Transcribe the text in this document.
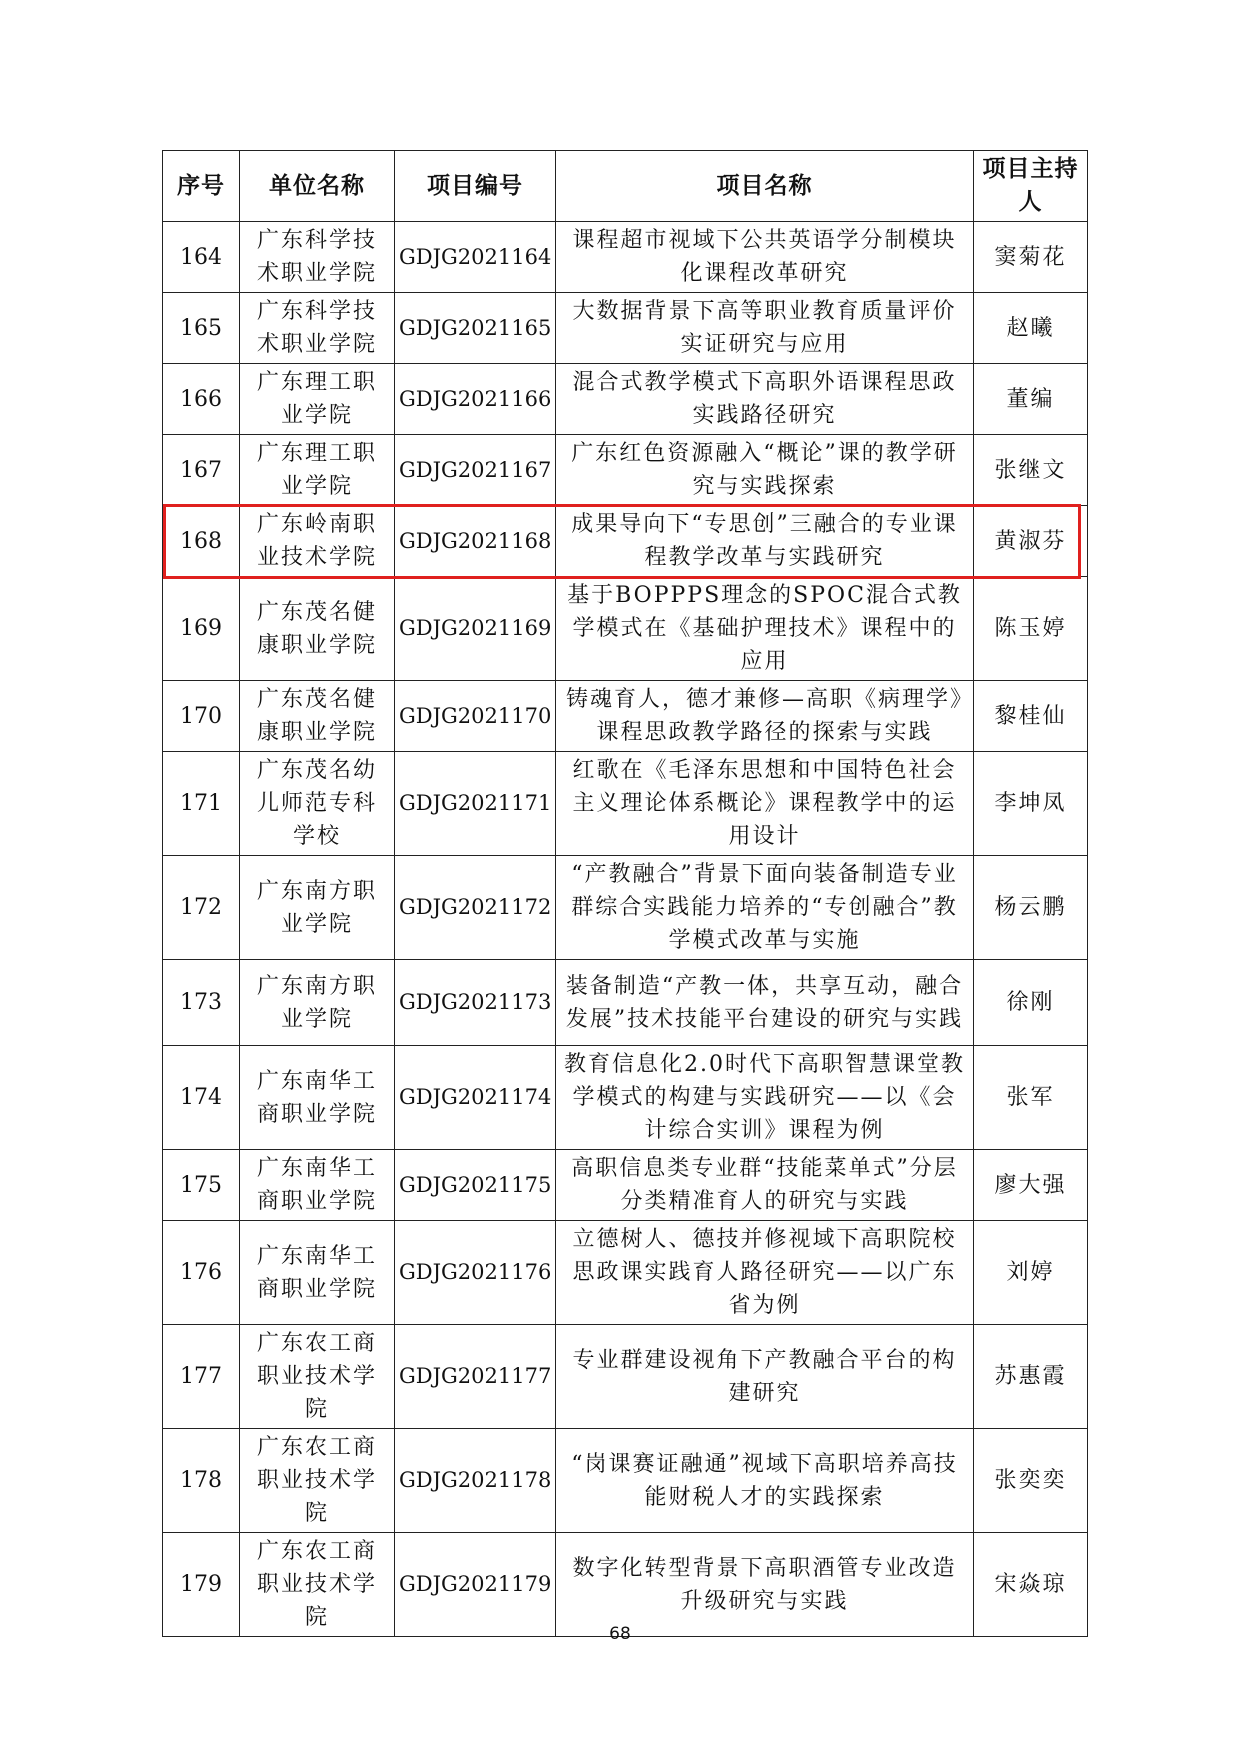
序号	单位名称	项目编号	项目名称	项目主持人
164	广东科学技术职业学院	GDJG2021164	课程超市视域下公共英语学分制模块化课程改革研究	窦菊花
165	广东科学技术职业学院	GDJG2021165	大数据背景下高等职业教育质量评价实证研究与应用	赵曦
166	广东理工职业学院	GDJG2021166	混合式教学模式下高职外语课程思政实践路径研究	董编
167	广东理工职业学院	GDJG2021167	广东红色资源融入“概论”课的教学研究与实践探索	张继文
168	广东岭南职业技术学院	GDJG2021168	成果导向下“专思创”三融合的专业课程教学改革与实践研究	黄淑芬
169	广东茂名健康职业学院	GDJG2021169	基于BOPPPS理念的SPOC混合式教学模式在《基础护理技术》课程中的应用	陈玉婷
170	广东茂名健康职业学院	GDJG2021170	铸魂育人，德才兼修—高职《病理学》课程思政教学路径的探索与实践	黎桂仙
171	广东茂名幼儿师范专科学校	GDJG2021171	红歌在《毛泽东思想和中国特色社会主义理论体系概论》课程教学中的运用设计	李坤凤
172	广东南方职业学院	GDJG2021172	“产教融合”背景下面向装备制造专业群综合实践能力培养的“专创融合”教学模式改革与实施	杨云鹏
173	广东南方职业学院	GDJG2021173	装备制造“产教一体，共享互动，融合发展”技术技能平台建设的研究与实践	徐刚
174	广东南华工商职业学院	GDJG2021174	教育信息化2.0时代下高职智慧课堂教学模式的构建与实践研究——以《会计综合实训》课程为例	张军
175	广东南华工商职业学院	GDJG2021175	高职信息类专业群“技能菜单式”分层分类精准育人的研究与实践	廖大强
176	广东南华工商职业学院	GDJG2021176	立德树人、德技并修视域下高职院校思政课实践育人路径研究——以广东省为例	刘婷
177	广东农工商职业技术学院	GDJG2021177	专业群建设视角下产教融合平台的构建研究	苏惠霞
178	广东农工商职业技术学院	GDJG2021178	“岗课赛证融通”视域下高职培养高技能财税人才的实践探索	张奕奕
179	广东农工商职业技术学院	GDJG2021179	数字化转型背景下高职酒管专业改造升级研究与实践	宋焱琼
68
